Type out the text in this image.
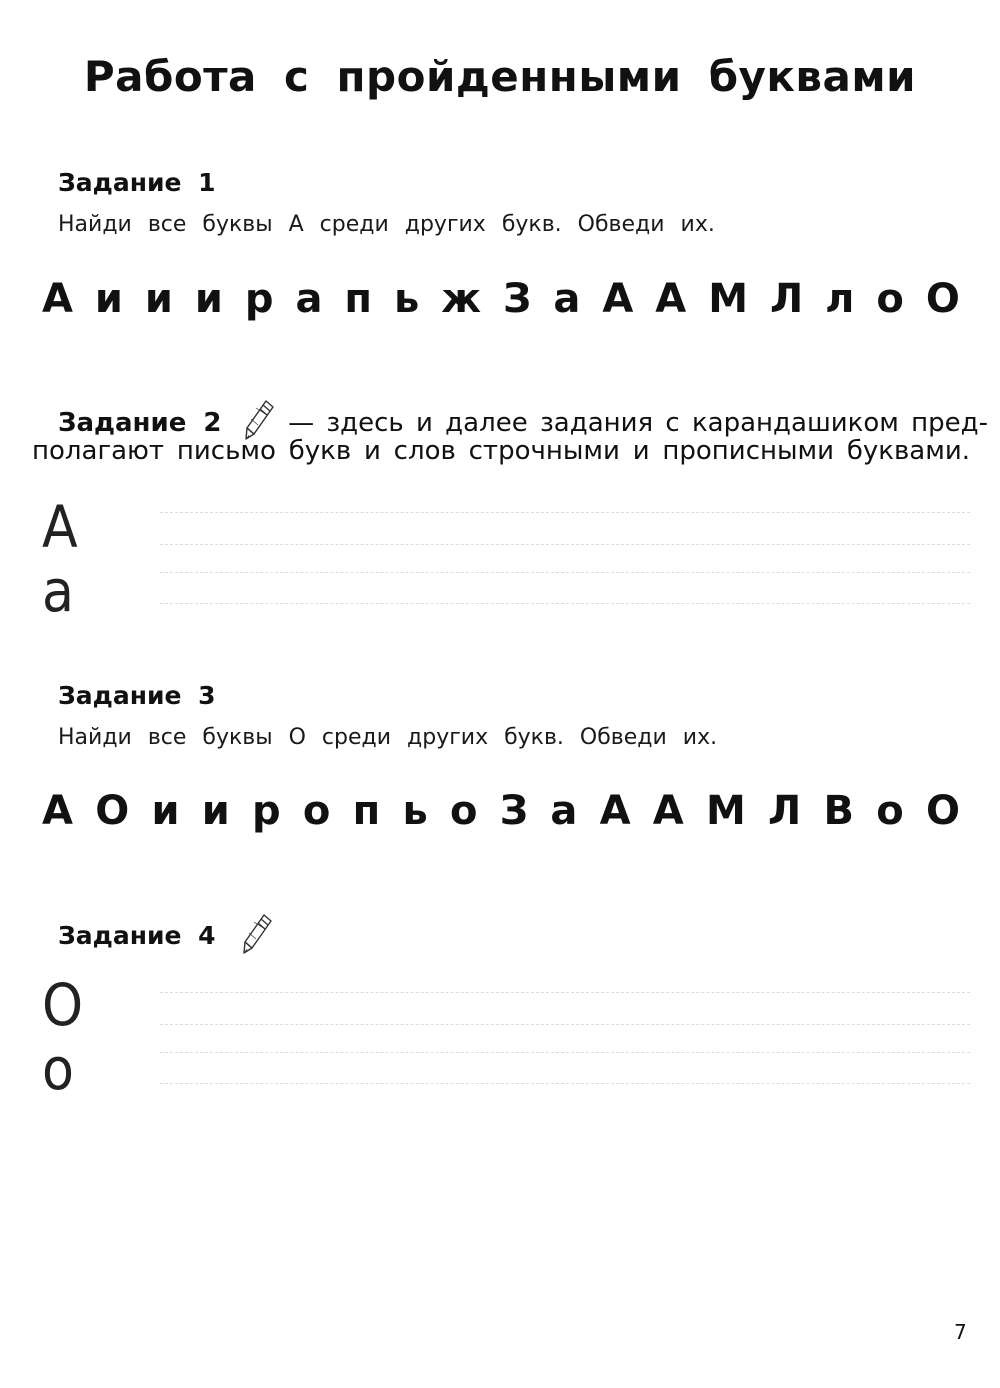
Работа с пройденными буквами
Задание 1
Найди все буквы А среди других букв. Обведи их.
А и и и р а п ь ж З а А А М Л л о О
Задание 2	— здесь и далее задания с карандашиком пред-
полагают письмо букв и слов строчными и прописными буквами.
А
а
Задание 3
Найди все буквы О среди других букв. Обведи их.
А О и и р о п ь о З а А А М Л В о О
Задание 4
О
о
7
